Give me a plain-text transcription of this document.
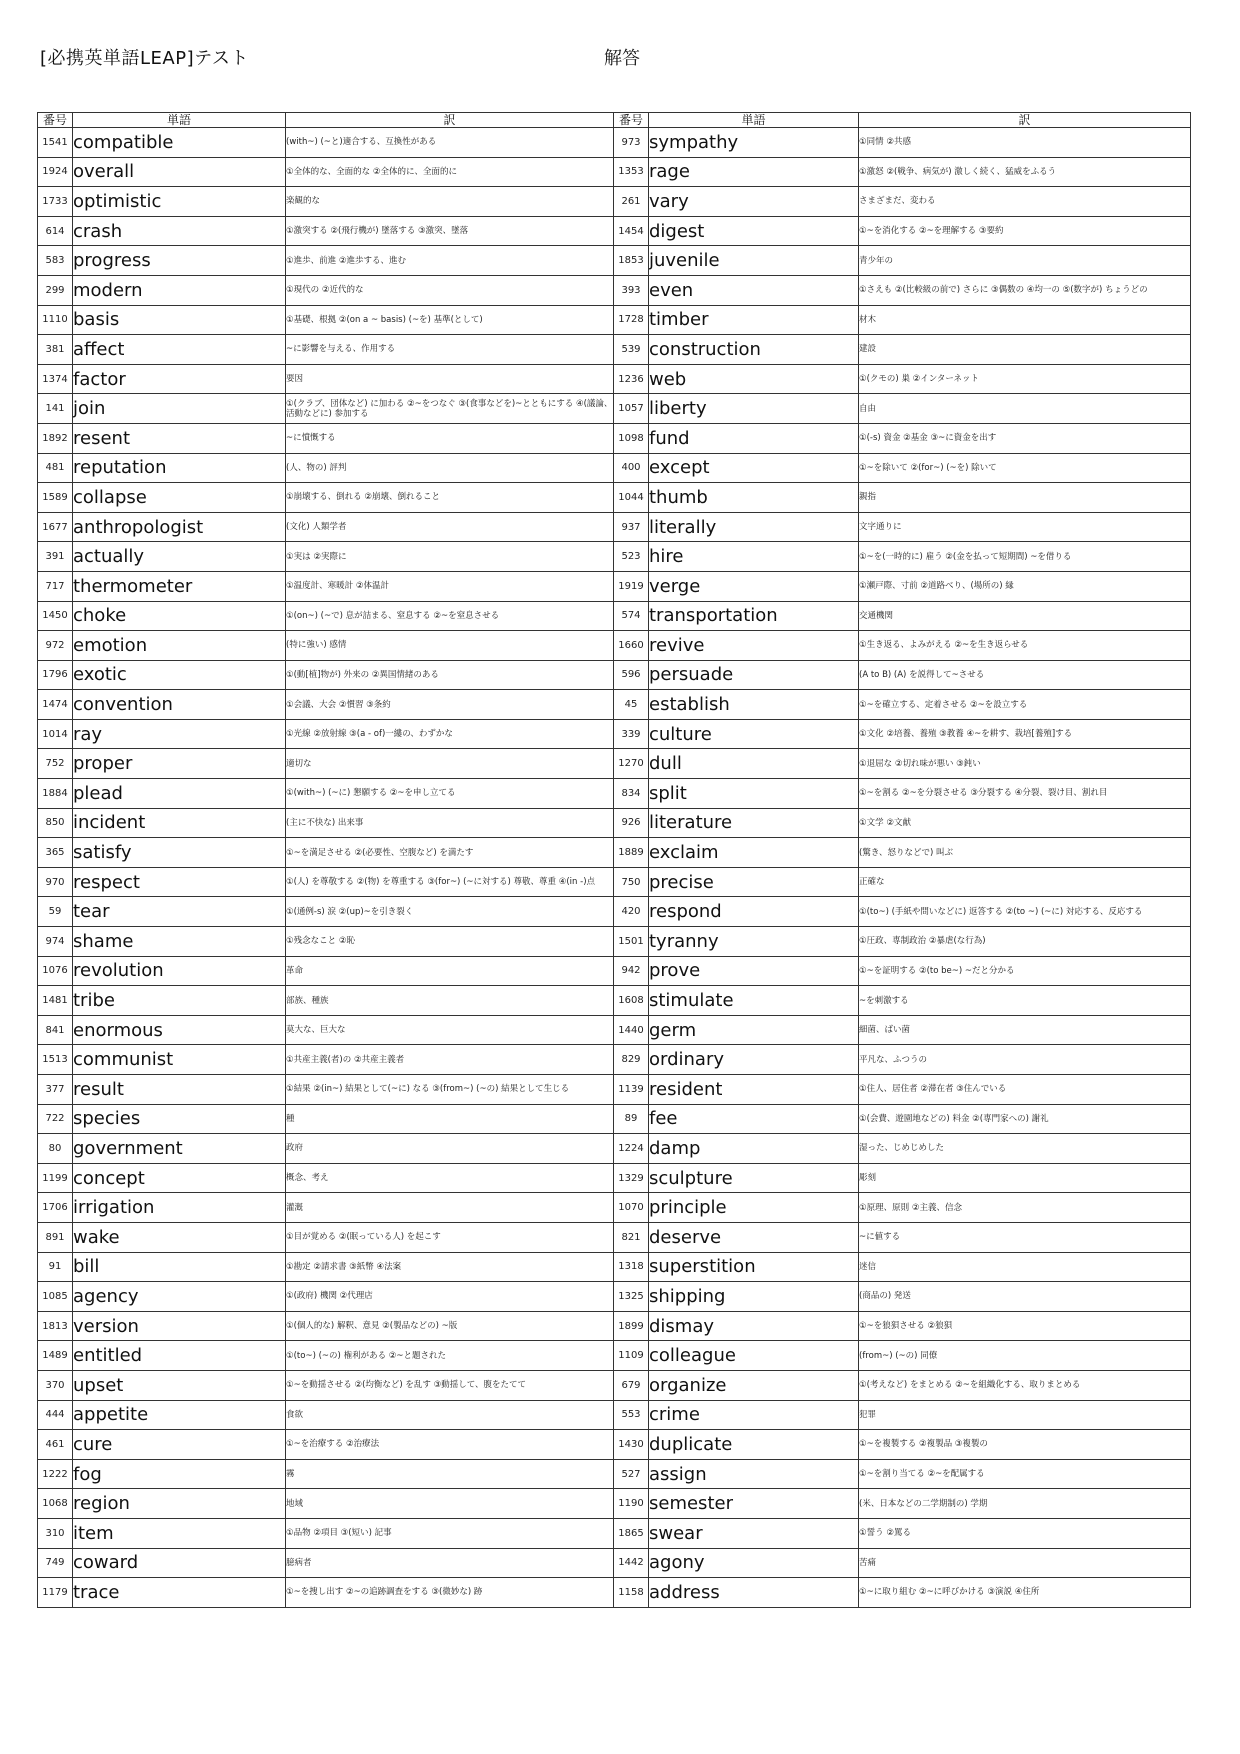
[必携英単語LEAP]テスト	解答
番号	単語	訳	番号	単語	訳
1541	compatible	(with~) (~と)適合する、互換性がある	973	sympathy	①同情 ②共感
1924	overall	①全体的な、全面的な ②全体的に、全面的に	1353	rage	①激怒 ②(戦争、病気が) 激しく続く、猛威をふるう
1733	optimistic	楽観的な	261	vary	さまざまだ、変わる
614	crash	①激突する ②(飛行機が) 墜落する ③激突、墜落	1454	digest	①~を消化する ②~を理解する ③要約
583	progress	①進歩、前進 ②進歩する、進む	1853	juvenile	青少年の
299	modern	①現代の ②近代的な	393	even	①さえも ②(比較級の前で) さらに ③偶数の ④均一の ⑤(数字が) ちょうどの
1110	basis	①基礎、根拠 ②(on a ~ basis) (~を) 基準(として)	1728	timber	材木
381	affect	~に影響を与える、作用する	539	construction	建設
1374	factor	要因	1236	web	①(クモの) 巣 ②インターネット
141	join	①(クラブ、団体など) に加わる ②~をつなぐ ③(食事などを)~とともにする ④(議論、活動などに) 参加する	1057	liberty	自由
1892	resent	~に憤慨する	1098	fund	①(-s) 資金 ②基金 ③~に資金を出す
481	reputation	(人、物の) 評判	400	except	①~を除いて ②(for~) (~を) 除いて
1589	collapse	①崩壊する、倒れる ②崩壊、倒れること	1044	thumb	親指
1677	anthropologist	(文化) 人類学者	937	literally	文字通りに
391	actually	①実は ②実際に	523	hire	①~を(一時的に) 雇う ②(金を払って短期間) ~を借りる
717	thermometer	①温度計、寒暖計 ②体温計	1919	verge	①瀬戸際、寸前 ②道路べり、(場所の) 縁
1450	choke	①(on~) (~で) 息が詰まる、窒息する ②~を窒息させる	574	transportation	交通機関
972	emotion	(特に強い) 感情	1660	revive	①生き返る、よみがえる ②~を生き返らせる
1796	exotic	①(動[植]物が) 外来の ②異国情緒のある	596	persuade	(A to B) (A) を説得して~させる
1474	convention	①会議、大会 ②慣習 ③条約	45	establish	①~を確立する、定着させる ②~を設立する
1014	ray	①光線 ②放射線 ③(a - of)一縷の、わずかな	339	culture	①文化 ②培養、養殖 ③教養 ④~を耕す、栽培[養殖]する
752	proper	適切な	1270	dull	①退屈な ②切れ味が悪い ③鈍い
1884	plead	①(with~) (~に) 懇願する ②~を申し立てる	834	split	①~を割る ②~を分裂させる ③分裂する ④分裂、裂け目、割れ目
850	incident	(主に不快な) 出来事	926	literature	①文学 ②文献
365	satisfy	①~を満足させる ②(必要性、空腹など) を満たす	1889	exclaim	(驚き、怒りなどで) 叫ぶ
970	respect	①(人) を尊敬する ②(物) を尊重する ③(for~) (~に対する) 尊敬、尊重 ④(in -)点	750	precise	正確な
59	tear	①(通例-s) 涙 ②(up)~を引き裂く	420	respond	①(to~) (手紙や問いなどに) 返答する ②(to ~) (~に) 対応する、反応する
974	shame	①残念なこと ②恥	1501	tyranny	①圧政、専制政治 ②暴虐(な行為)
1076	revolution	革命	942	prove	①~を証明する ②(to be~) ~だと分かる
1481	tribe	部族、種族	1608	stimulate	~を刺激する
841	enormous	莫大な、巨大な	1440	germ	細菌、ばい菌
1513	communist	①共産主義(者)の ②共産主義者	829	ordinary	平凡な、ふつうの
377	result	①結果 ②(in~) 結果として(~に) なる ③(from~) (~の) 結果として生じる	1139	resident	①住人、居住者 ②滞在者 ③住んでいる
722	species	種	89	fee	①(会費、遊園地などの) 料金 ②(専門家への) 謝礼
80	government	政府	1224	damp	湿った、じめじめした
1199	concept	概念、考え	1329	sculpture	彫刻
1706	irrigation	灌漑	1070	principle	①原理、原則 ②主義、信念
891	wake	①目が覚める ②(眠っている人) を起こす	821	deserve	~に値する
91	bill	①勘定 ②請求書 ③紙幣 ④法案	1318	superstition	迷信
1085	agency	①(政府) 機関 ②代理店	1325	shipping	(商品の) 発送
1813	version	①(個人的な) 解釈、意見 ②(製品などの) ~版	1899	dismay	①~を狼狽させる ②狼狽
1489	entitled	①(to~) (~の) 権利がある ②~と題された	1109	colleague	(from~) (~の) 同僚
370	upset	①~を動揺させる ②(均衡など) を乱す ③動揺して、腹をたてて	679	organize	①(考えなど) をまとめる ②~を組織化する、取りまとめる
444	appetite	食欲	553	crime	犯罪
461	cure	①~を治療する ②治療法	1430	duplicate	①~を複製する ②複製品 ③複製の
1222	fog	霧	527	assign	①~を割り当てる ②~を配属する
1068	region	地域	1190	semester	(米、日本などの二学期制の) 学期
310	item	①品物 ②項目 ③(短い) 記事	1865	swear	①誓う ②罵る
749	coward	臆病者	1442	agony	苦痛
1179	trace	①~を捜し出す ②~の追跡調査をする ③(微妙な) 跡	1158	address	①~に取り組む ②~に呼びかける ③演説 ④住所
